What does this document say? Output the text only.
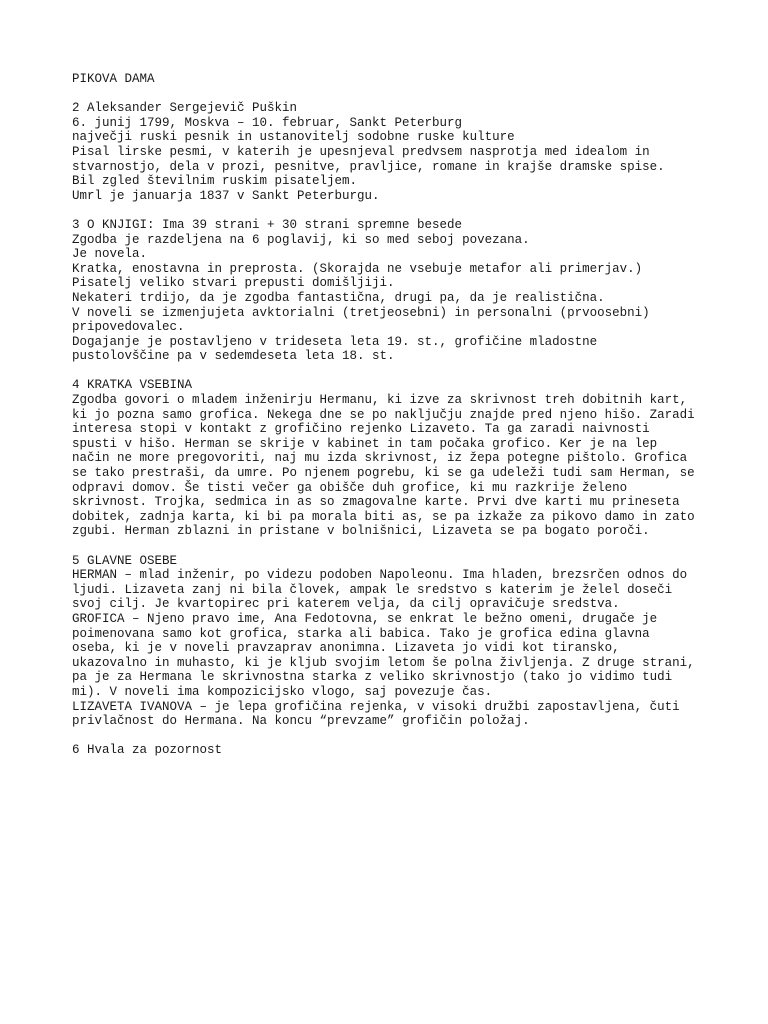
PIKOVA DAMA
2 Aleksander Sergejevič Puškin
6. junij 1799, Moskva – 10. februar, Sankt Peterburg
največji ruski pesnik in ustanovitelj sodobne ruske kulture
Pisal lirske pesmi, v katerih je upesnjeval predvsem nasprotja med idealom in
stvarnostjo, dela v prozi, pesnitve, pravljice, romane in krajše dramske spise.
Bil zgled številnim ruskim pisateljem.
Umrl je januarja 1837 v Sankt Peterburgu.
3 O KNJIGI: Ima 39 strani + 30 strani spremne besede
Zgodba je razdeljena na 6 poglavij, ki so med seboj povezana.
Je novela.
Kratka, enostavna in preprosta. (Skorajda ne vsebuje metafor ali primerjav.)
Pisatelj veliko stvari prepusti domišljiji.
Nekateri trdijo, da je zgodba fantastična, drugi pa, da je realistična.
V noveli se izmenjujeta avktorialni (tretjeosebni) in personalni (prvoosebni)
pripovedovalec.
Dogajanje je postavljeno v trideseta leta 19. st., grofičine mladostne
pustolovščine pa v sedemdeseta leta 18. st.
4 KRATKA VSEBINA
Zgodba govori o mladem inženirju Hermanu, ki izve za skrivnost treh dobitnih kart,
ki jo pozna samo grofica. Nekega dne se po naključju znajde pred njeno hišo. Zaradi
interesa stopi v kontakt z grofičino rejenko Lizaveto. Ta ga zaradi naivnosti
spusti v hišo. Herman se skrije v kabinet in tam počaka grofico. Ker je na lep
način ne more pregovoriti, naj mu izda skrivnost, iz žepa potegne pištolo. Grofica
se tako prestraši, da umre. Po njenem pogrebu, ki se ga udeleži tudi sam Herman, se
odpravi domov. Še tisti večer ga obišče duh grofice, ki mu razkrije želeno
skrivnost. Trojka, sedmica in as so zmagovalne karte. Prvi dve karti mu prineseta
dobitek, zadnja karta, ki bi pa morala biti as, se pa izkaže za pikovo damo in zato
zgubi. Herman zblazni in pristane v bolnišnici, Lizaveta se pa bogato poroči.
5 GLAVNE OSEBE
HERMAN – mlad inženir, po videzu podoben Napoleonu. Ima hladen, brezsrčen odnos do
ljudi. Lizaveta zanj ni bila človek, ampak le sredstvo s katerim je želel doseči
svoj cilj. Je kvartopirec pri katerem velja, da cilj opravičuje sredstva.
GROFICA – Njeno pravo ime, Ana Fedotovna, se enkrat le bežno omeni, drugače je
poimenovana samo kot grofica, starka ali babica. Tako je grofica edina glavna
oseba, ki je v noveli pravzaprav anonimna. Lizaveta jo vidi kot tiransko,
ukazovalno in muhasto, ki je kljub svojim letom še polna življenja. Z druge strani,
pa je za Hermana le skrivnostna starka z veliko skrivnostjo (tako jo vidimo tudi
mi). V noveli ima kompozicijsko vlogo, saj povezuje čas.
LIZAVETA IVANOVA – je lepa grofičina rejenka, v visoki družbi zapostavljena, čuti
privlačnost do Hermana. Na koncu “prevzame” grofičin položaj.
6 Hvala za pozornost
